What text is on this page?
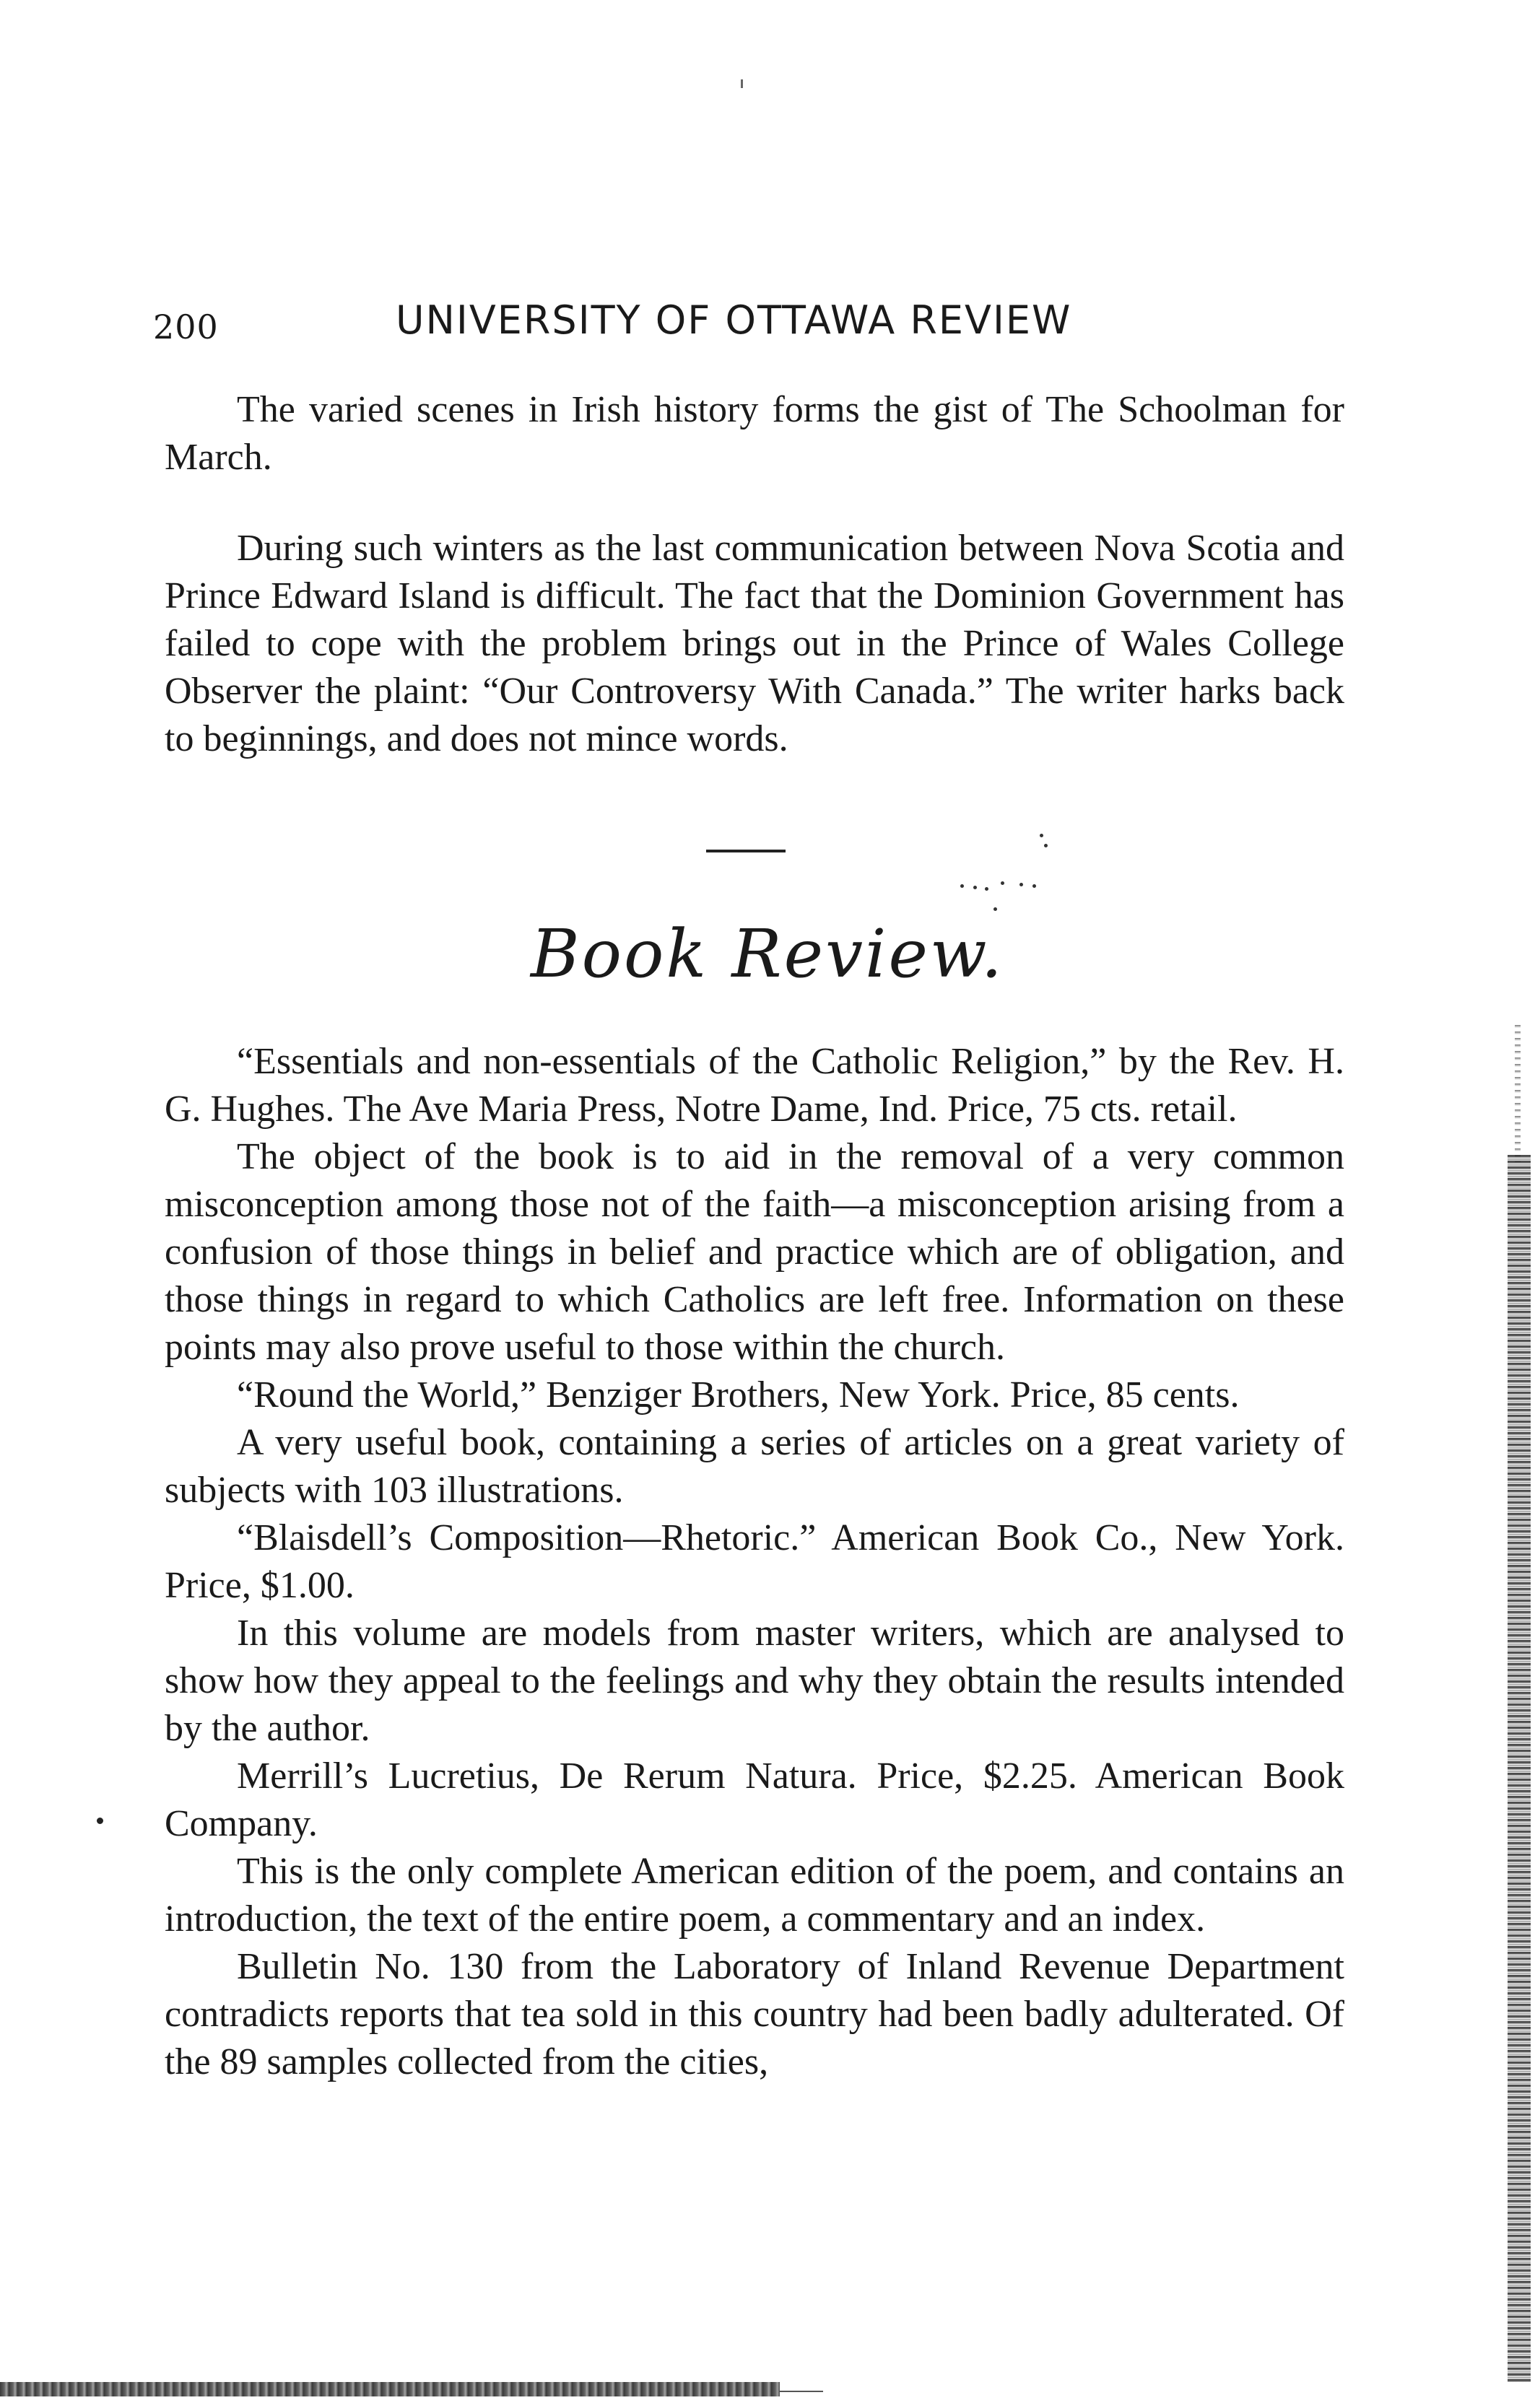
200	UNIVERSITY OF OTTAWA REVIEW

The varied scenes in Irish history forms the gist of The Schoolman for March.

During such winters as the last communication between Nova Scotia and Prince Edward Island is difficult. The fact that the Dominion Government has failed to cope with the problem brings out in the Prince of Wales College Observer the plaint: “Our Controversy With Canada.” The writer harks back to beginnings, and does not mince words.

Book Review.

“Essentials and non-essentials of the Catholic Religion,” by the Rev. H. G. Hughes. The Ave Maria Press, Notre Dame, Ind. Price, 75 cts. retail.

The object of the book is to aid in the removal of a very common misconception among those not of the faith—a misconception arising from a confusion of those things in belief and practice which are of obligation, and those things in regard to which Catholics are left free. Information on these points may also prove useful to those within the church.

“Round the World,” Benziger Brothers, New York. Price, 85 cents.

A very useful book, containing a series of articles on a great variety of subjects with 103 illustrations.

“Blaisdell’s Composition—Rhetoric.” American Book Co., New York. Price, $1.00.

In this volume are models from master writers, which are analysed to show how they appeal to the feelings and why they obtain the results intended by the author.

Merrill’s Lucretius, De Rerum Natura. Price, $2.25. American Book Company.

This is the only complete American edition of the poem, and contains an introduction, the text of the entire poem, a commentary and an index.

Bulletin No. 130 from the Laboratory of Inland Revenue Department contradicts reports that tea sold in this country had been badly adulterated. Of the 89 samples collected from the cities,
